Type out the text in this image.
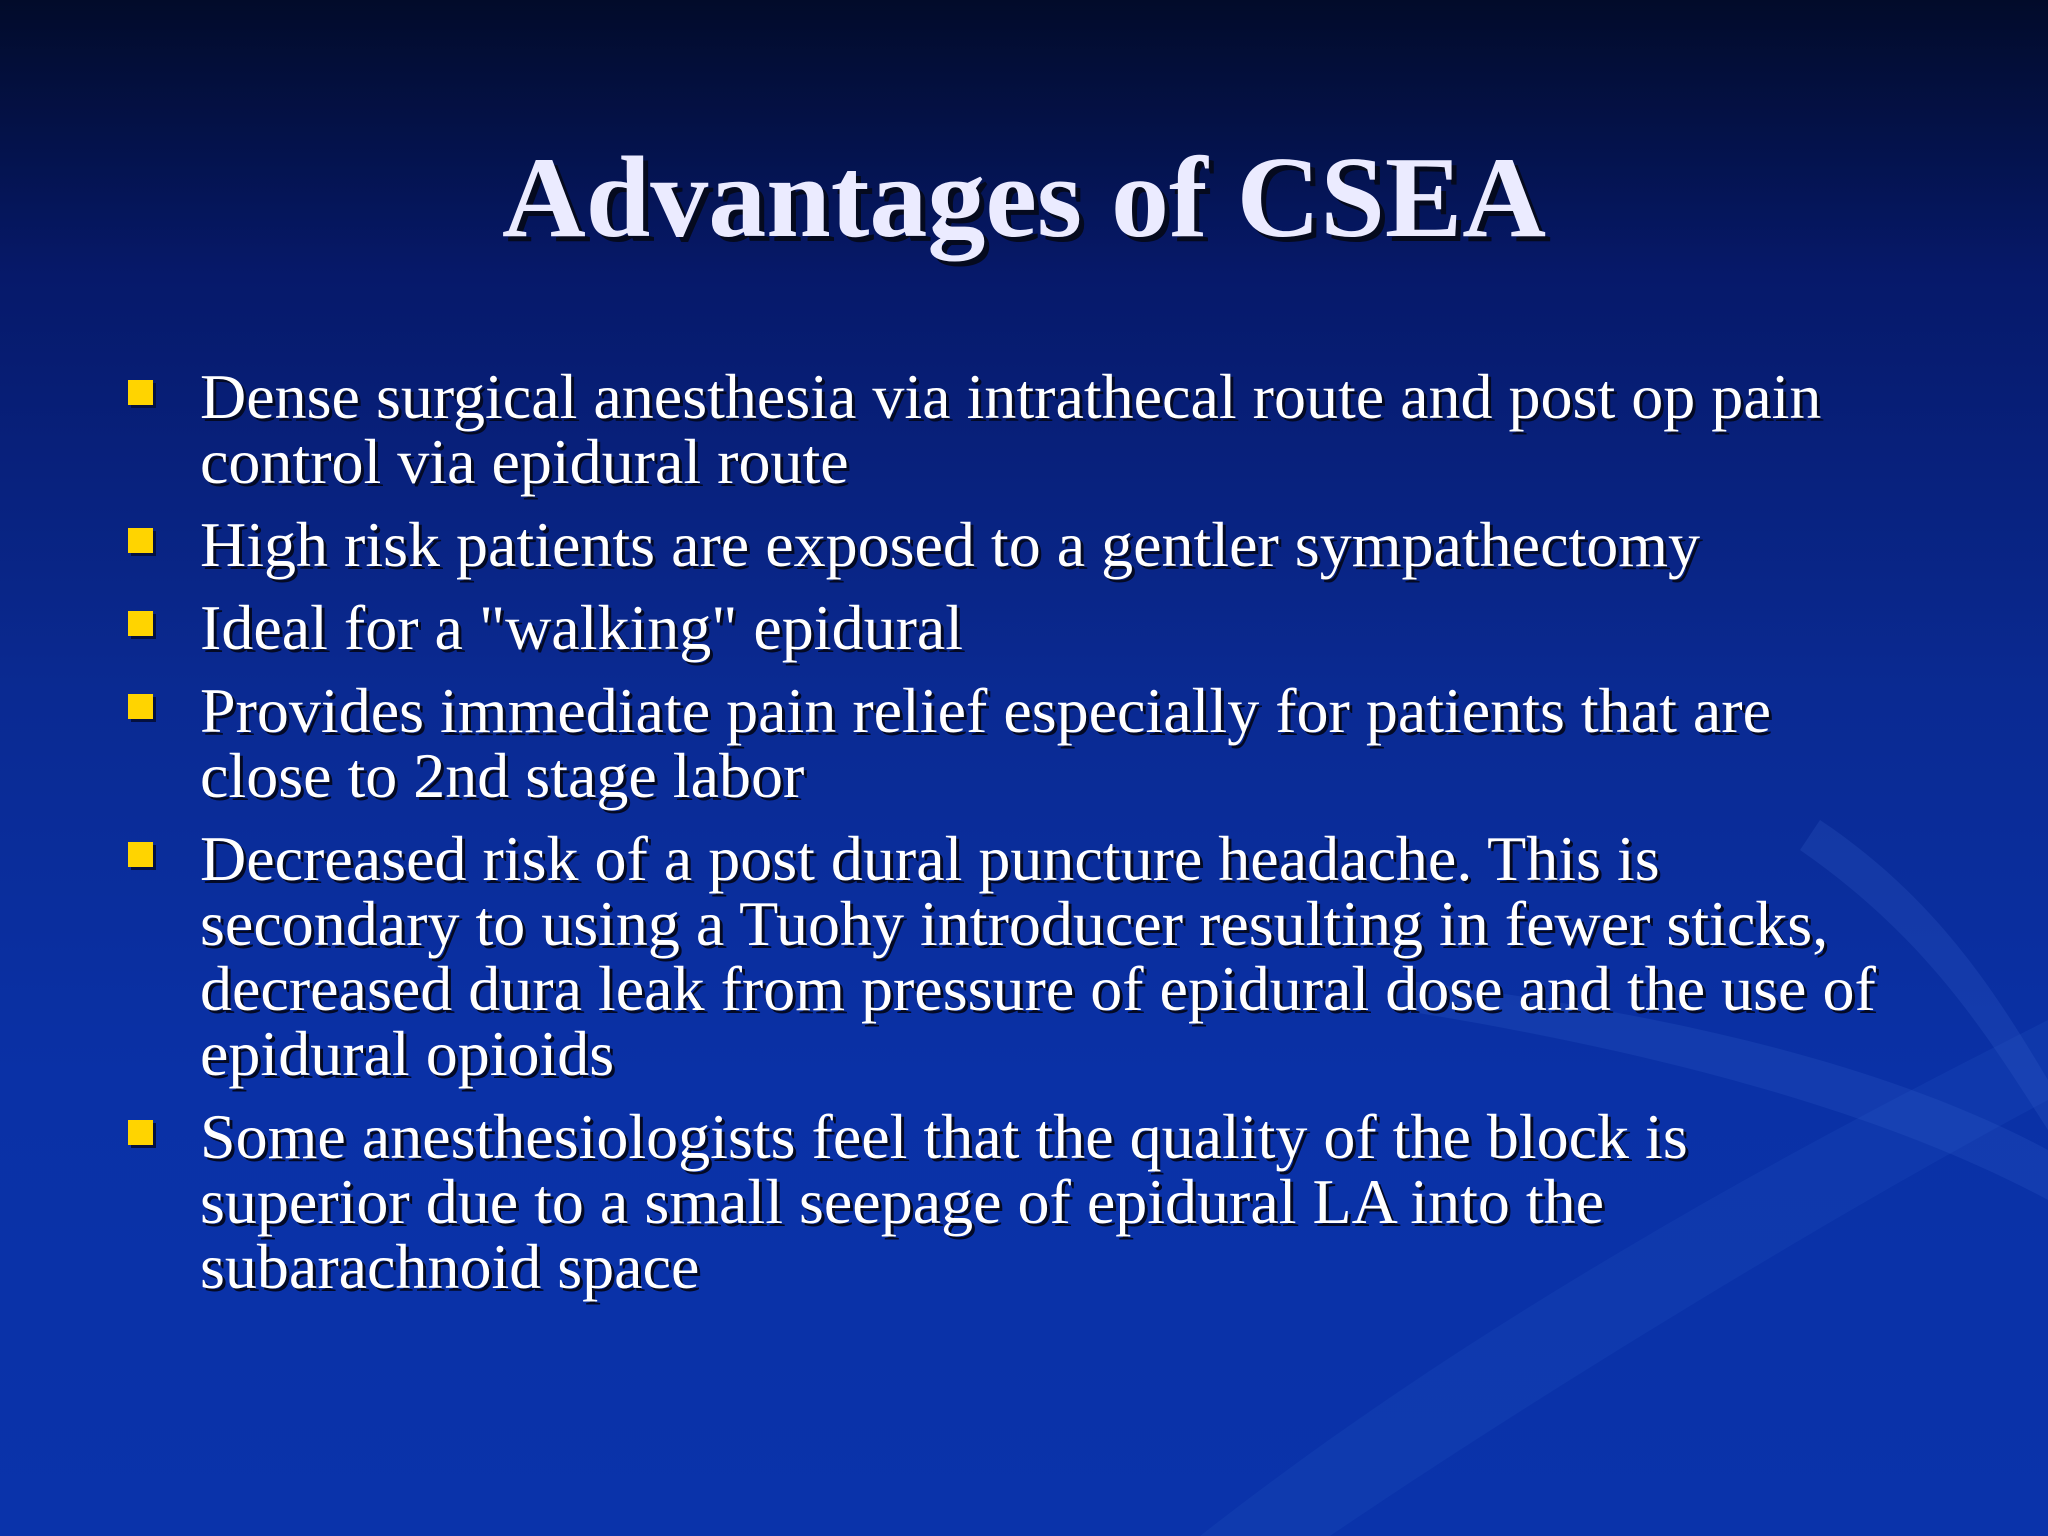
Advantages of CSEA
Dense surgical anesthesia via intrathecal route and post op pain control via epidural route
High risk patients are exposed to a gentler sympathectomy
Ideal for a "walking" epidural
Provides immediate pain relief especially for patients that are close to 2nd stage labor
Decreased risk of a post dural puncture headache. This is secondary to using a Tuohy introducer resulting in fewer sticks, decreased dura leak from pressure of epidural dose and the use of epidural opioids
Some anesthesiologists feel that the quality of the block is superior due to a small seepage of epidural LA into the subarachnoid space
